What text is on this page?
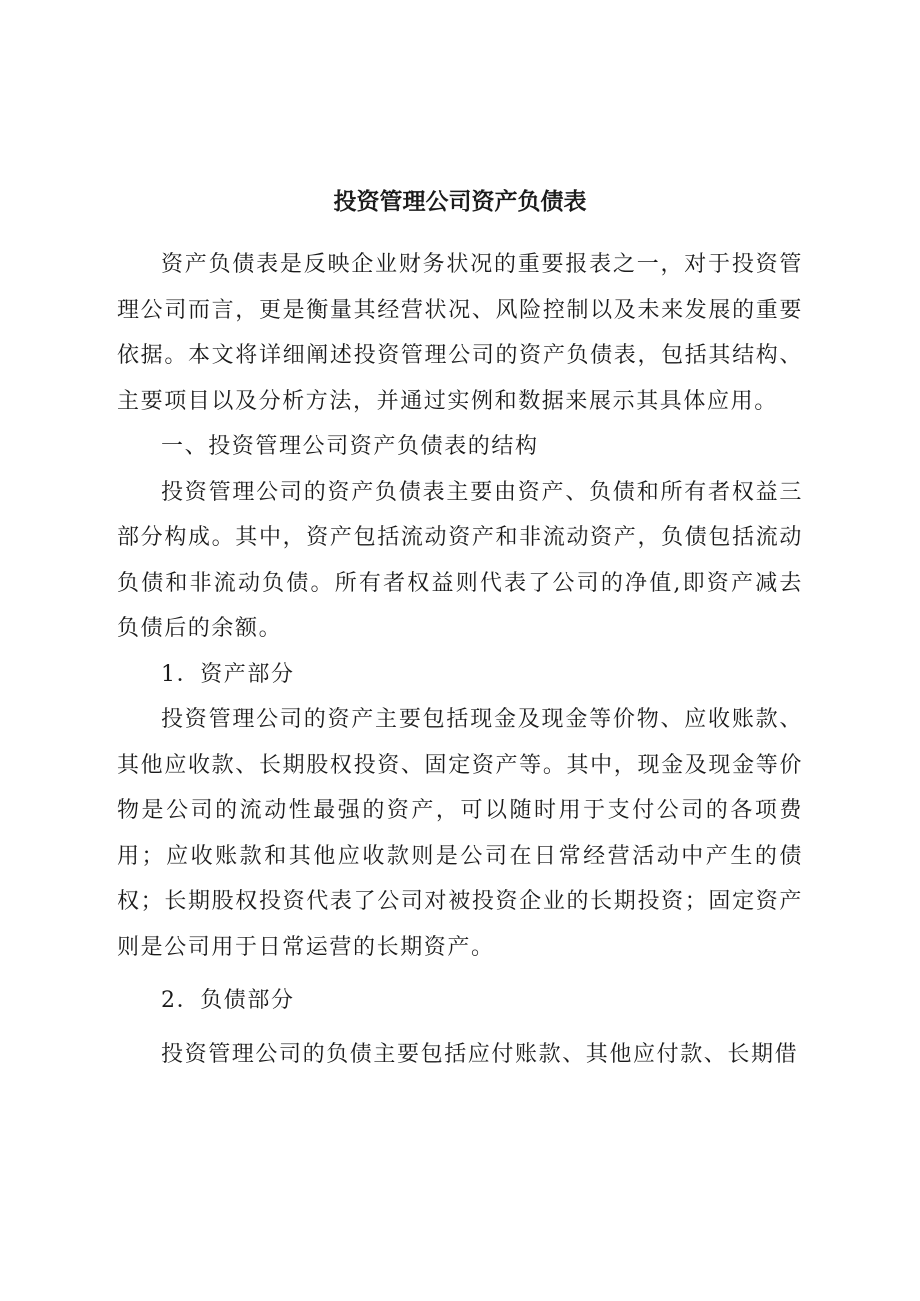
投资管理公司资产负债表

资产负债表是反映企业财务状况的重要报表之一，对于投资管理公司而言，更是衡量其经营状况、风险控制以及未来发展的重要依据。本文将详细阐述投资管理公司的资产负债表，包括其结构、主要项目以及分析方法，并通过实例和数据来展示其具体应用。

一、投资管理公司资产负债表的结构

投资管理公司的资产负债表主要由资产、负债和所有者权益三部分构成。其中，资产包括流动资产和非流动资产，负债包括流动负债和非流动负债。所有者权益则代表了公司的净值,即资产减去负债后的余额。

1．资产部分

投资管理公司的资产主要包括现金及现金等价物、应收账款、其他应收款、长期股权投资、固定资产等。其中，现金及现金等价物是公司的流动性最强的资产，可以随时用于支付公司的各项费用；应收账款和其他应收款则是公司在日常经营活动中产生的债权；长期股权投资代表了公司对被投资企业的长期投资；固定资产则是公司用于日常运营的长期资产。

2．负债部分

投资管理公司的负债主要包括应付账款、其他应付款、长期借
